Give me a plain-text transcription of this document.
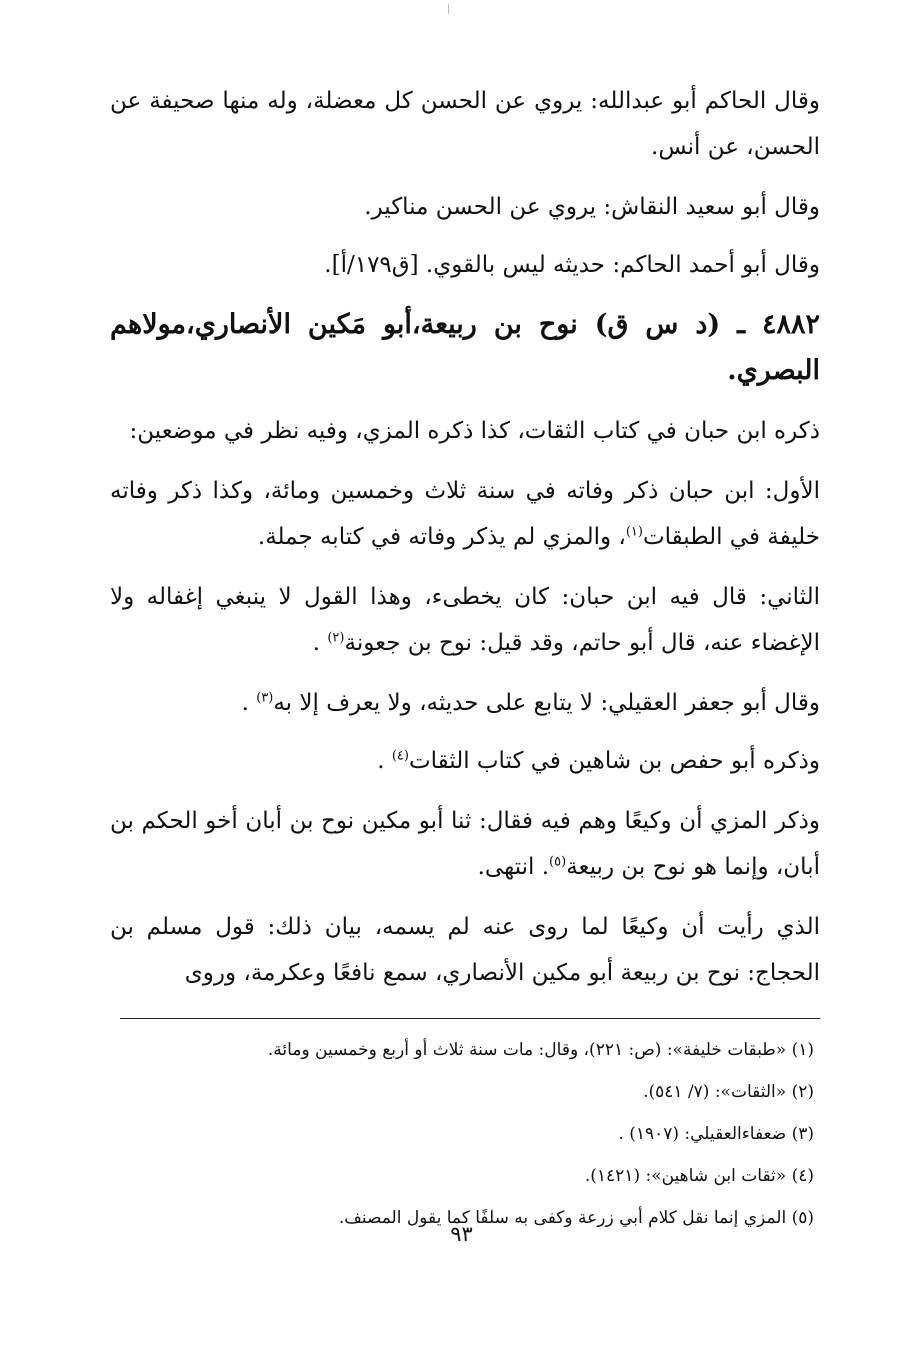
وقال الحاكم أبو عبدالله: يروي عن الحسن كل معضلة، وله منها صحيفة عن الحسن، عن أنس.

وقال أبو سعيد النقاش: يروي عن الحسن مناكير.

وقال أبو أحمد الحاكم: حديثه ليس بالقوي. [ق١٧٩/أ].

٤٨٨٢ ـ (د س ق) نوح بن ربيعة،أبو مَكين الأنصاري،مولاهم البصري.

ذكره ابن حبان في كتاب الثقات، كذا ذكره المزي، وفيه نظر في موضعين:

الأول: ابن حبان ذكر وفاته في سنة ثلاث وخمسين ومائة، وكذا ذكر وفاته خليفة في الطبقات$^{(١)}$، والمزي لم يذكر وفاته في كتابه جملة.

الثاني: قال فيه ابن حبان: كان يخطىء، وهذا القول لا ينبغي إغفاله ولا الإغضاء عنه، قال أبو حاتم، وقد قيل: نوح بن جعونة$^{(٢)}$ .

وقال أبو جعفر العقيلي: لا يتابع على حديثه، ولا يعرف إلا به$^{(٣)}$ .

وذكره أبو حفص بن شاهين في كتاب الثقات$^{(٤)}$ .

وذكر المزي أن وكيعًا وهم فيه فقال: ثنا أبو مكين نوح بن أبان أخو الحكم بن أبان، وإنما هو نوح بن ربيعة$^{(٥)}$. انتهى.

الذي رأيت أن وكيعًا لما روى عنه لم يسمه، بيان ذلك: قول مسلم بن الحجاج: نوح بن ربيعة أبو مكين الأنصاري، سمع نافعًا وعكرمة، وروى

(١) «طبقات خليفة»: (ص: ٢٢١)، وقال: مات سنة ثلاث أو أربع وخمسين ومائة.

(٢) «الثقات»: (٧/ ٥٤١).

(٣) ضعفاءالعقيلي: (١٩٠٧) .

(٤) «ثقات ابن شاهين»: (١٤٢١).

(٥) المزي إنما نقل كلام أبي زرعة وكفى به سلفًا كما يقول المصنف.

٩٣
